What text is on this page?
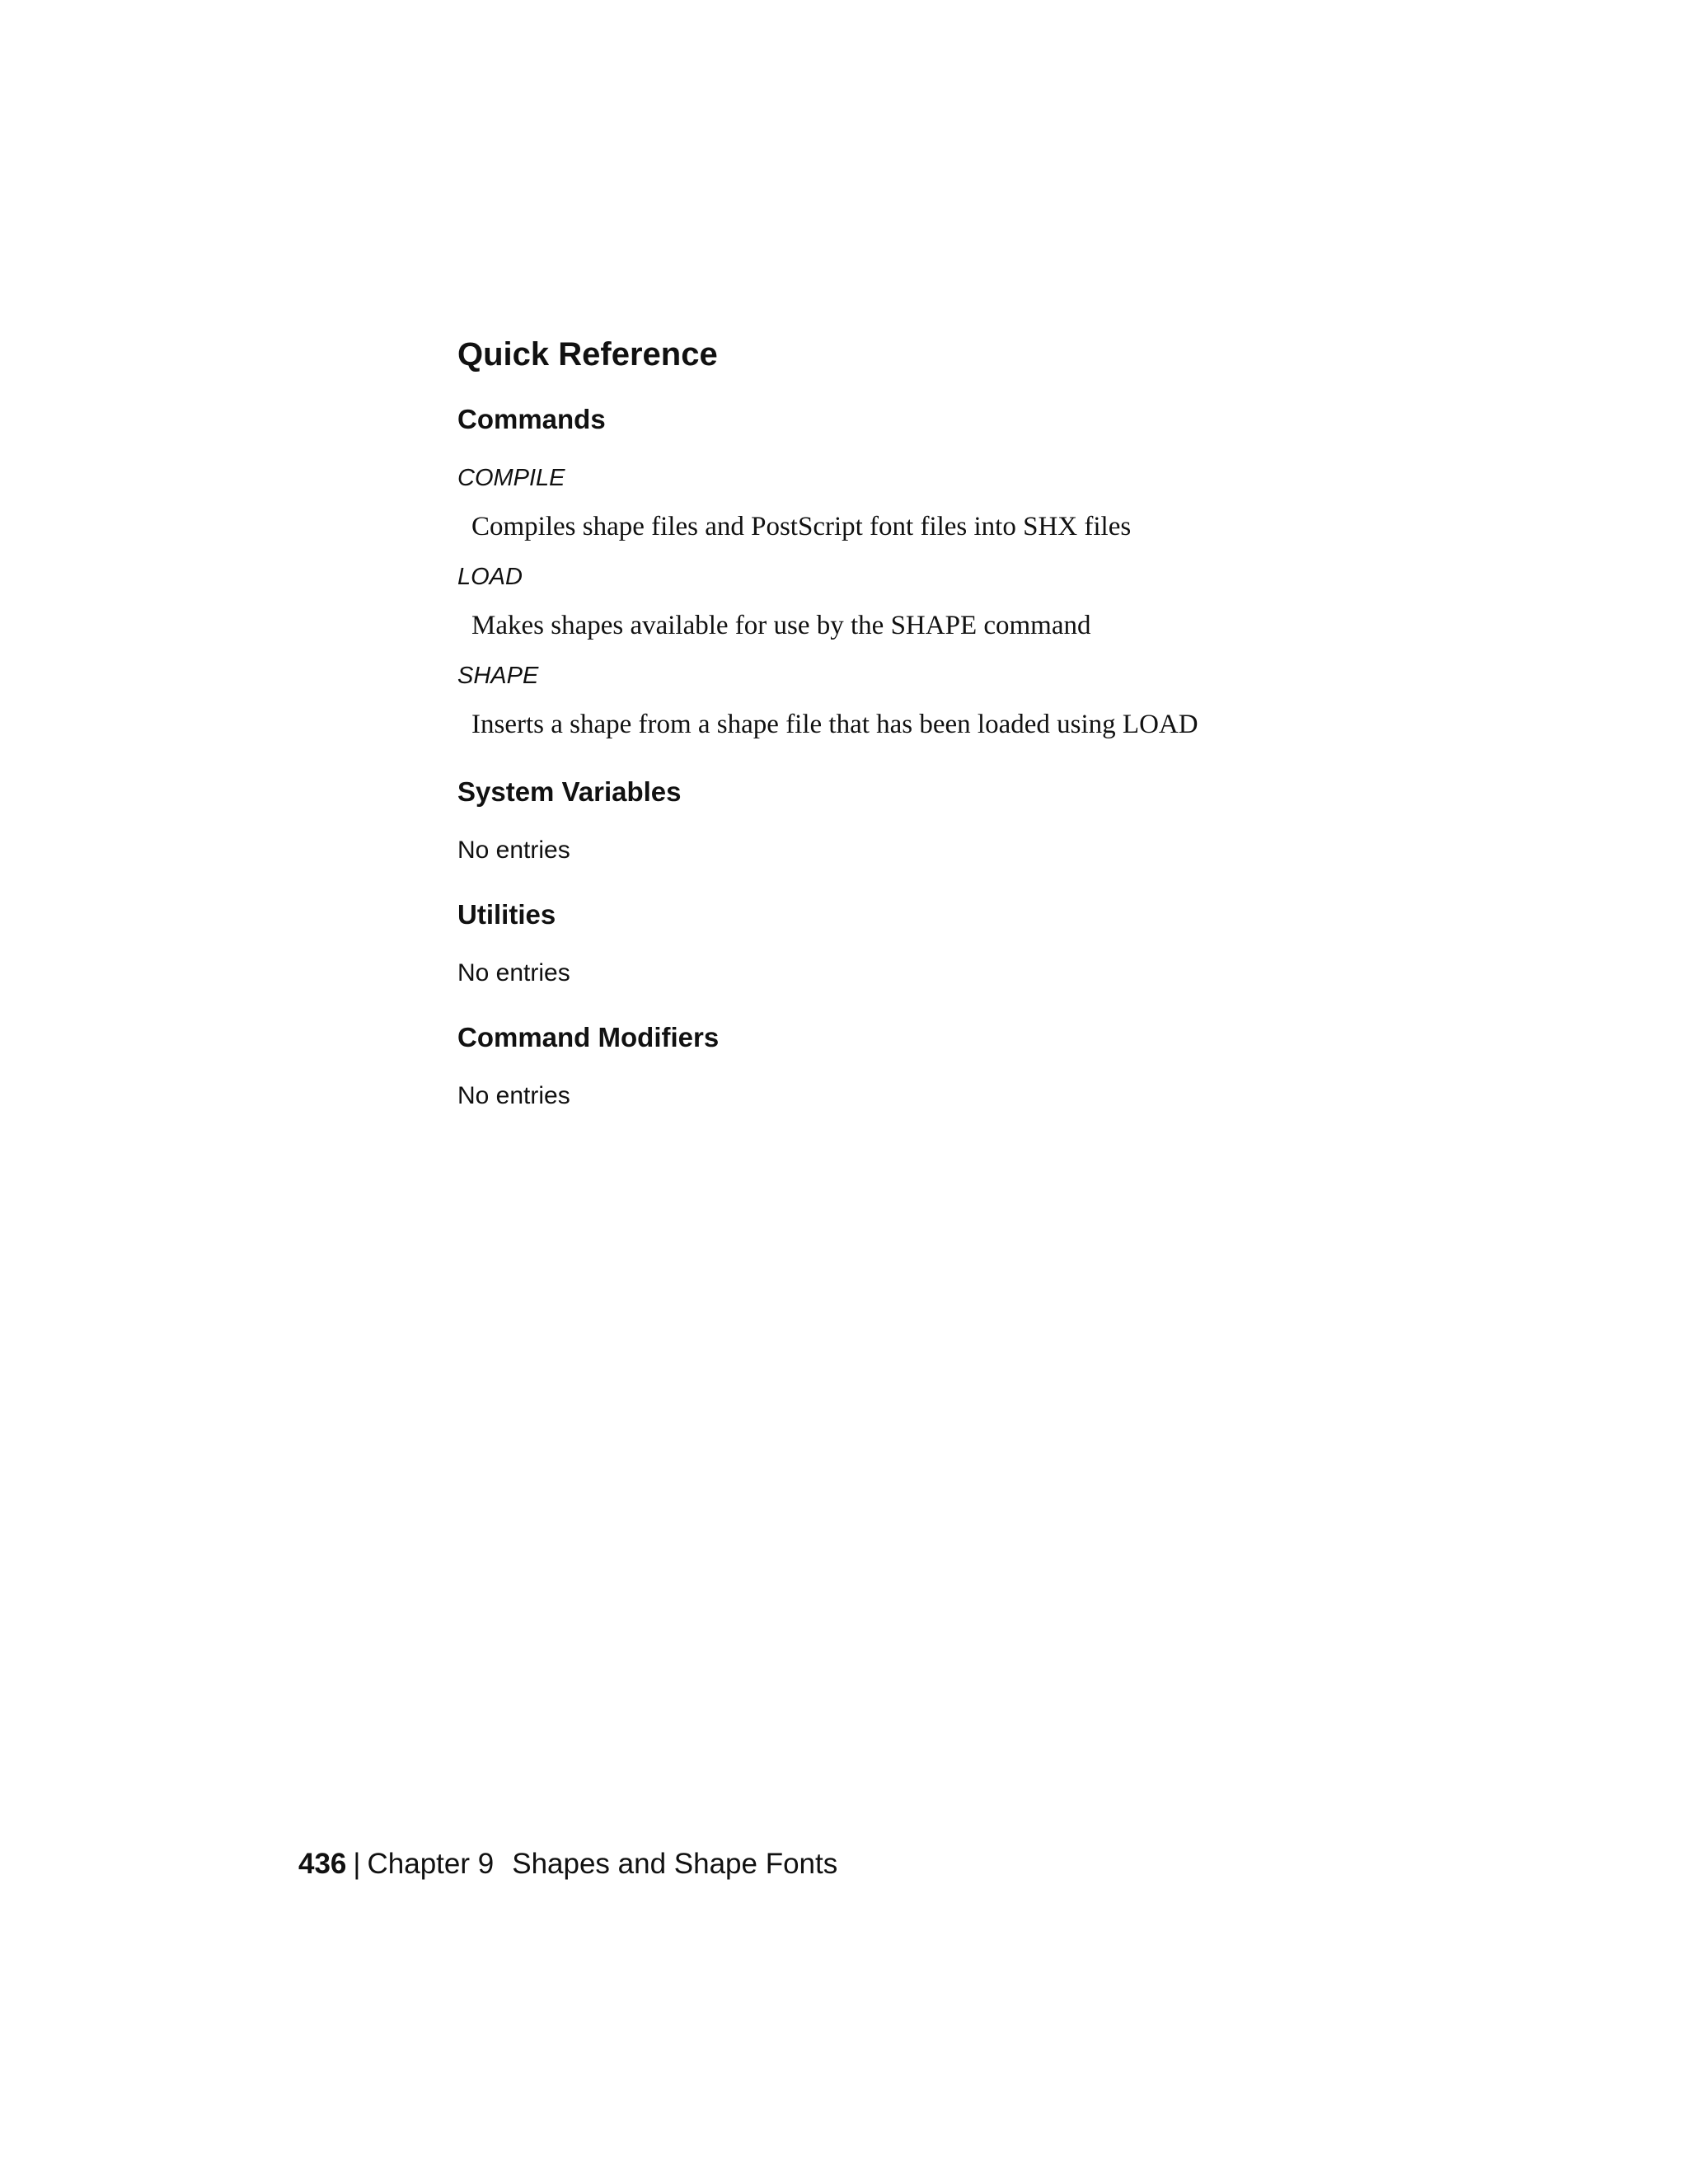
Quick Reference
Commands
COMPILE
Compiles shape files and PostScript font files into SHX files
LOAD
Makes shapes available for use by the SHAPE command
SHAPE
Inserts a shape from a shape file that has been loaded using LOAD
System Variables
No entries
Utilities
No entries
Command Modifiers
No entries
436 | Chapter 9 Shapes and Shape Fonts
